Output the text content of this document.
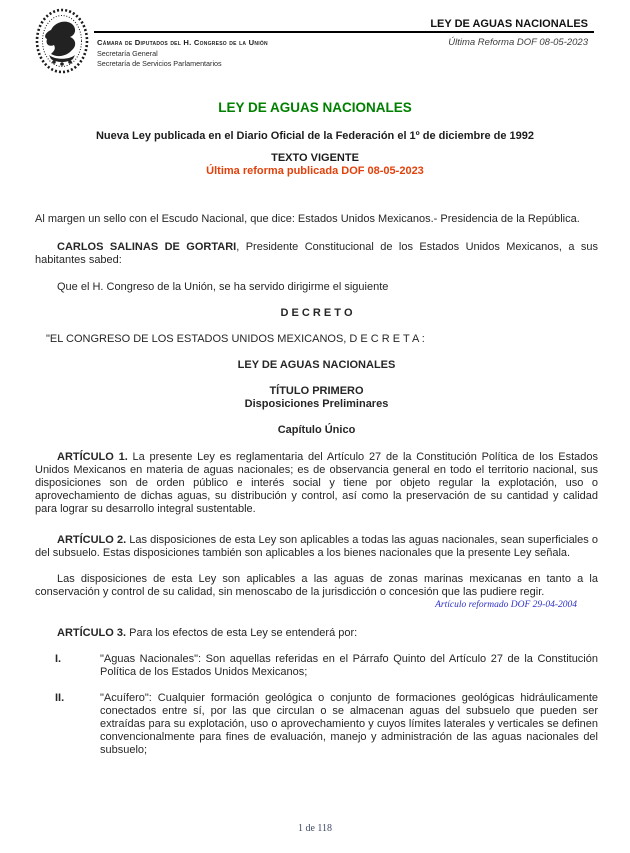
Cámara de Diputados del H. Congreso de la Unión
Secretaría General
Secretaría de Servicios Parlamentarios
LEY DE AGUAS NACIONALES
Última Reforma DOF 08-05-2023
LEY DE AGUAS NACIONALES
Nueva Ley publicada en el Diario Oficial de la Federación el 1º de diciembre de 1992
TEXTO VIGENTE
Última reforma publicada DOF 08-05-2023

Al margen un sello con el Escudo Nacional, que dice: Estados Unidos Mexicanos.- Presidencia de la República.

CARLOS SALINAS DE GORTARI, Presidente Constitucional de los Estados Unidos Mexicanos, a sus habitantes sabed:

Que el H. Congreso de la Unión, se ha servido dirigirme el siguiente

D E C R E T O

"EL CONGRESO DE LOS ESTADOS UNIDOS MEXICANOS, D E C R E T A :

LEY DE AGUAS NACIONALES

TÍTULO PRIMERO

Disposiciones Preliminares

Capítulo Único

ARTÍCULO 1. La presente Ley es reglamentaria del Artículo 27 de la Constitución Política de los Estados Unidos Mexicanos en materia de aguas nacionales; es de observancia general en todo el territorio nacional, sus disposiciones son de orden público e interés social y tiene por objeto regular la explotación, uso o aprovechamiento de dichas aguas, su distribución y control, así como la preservación de su cantidad y calidad para lograr su desarrollo integral sustentable.

ARTÍCULO 2. Las disposiciones de esta Ley son aplicables a todas las aguas nacionales, sean superficiales o del subsuelo. Estas disposiciones también son aplicables a los bienes nacionales que la presente Ley señala.

Las disposiciones de esta Ley son aplicables a las aguas de zonas marinas mexicanas en tanto a la conservación y control de su calidad, sin menoscabo de la jurisdicción o concesión que las pudiere regir.

Artículo reformado DOF 29-04-2004

ARTÍCULO 3. Para los efectos de esta Ley se entenderá por:

I.	"Aguas Nacionales": Son aquellas referidas en el Párrafo Quinto del Artículo 27 de la Constitución Política de los Estados Unidos Mexicanos;
II.	"Acuífero": Cualquier formación geológica o conjunto de formaciones geológicas hidráulicamente conectados entre sí, por las que circulan o se almacenan aguas del subsuelo que pueden ser extraídas para su explotación, uso o aprovechamiento y cuyos límites laterales y verticales se definen convencionalmente para fines de evaluación, manejo y administración de las aguas nacionales del subsuelo;
1 de 118
